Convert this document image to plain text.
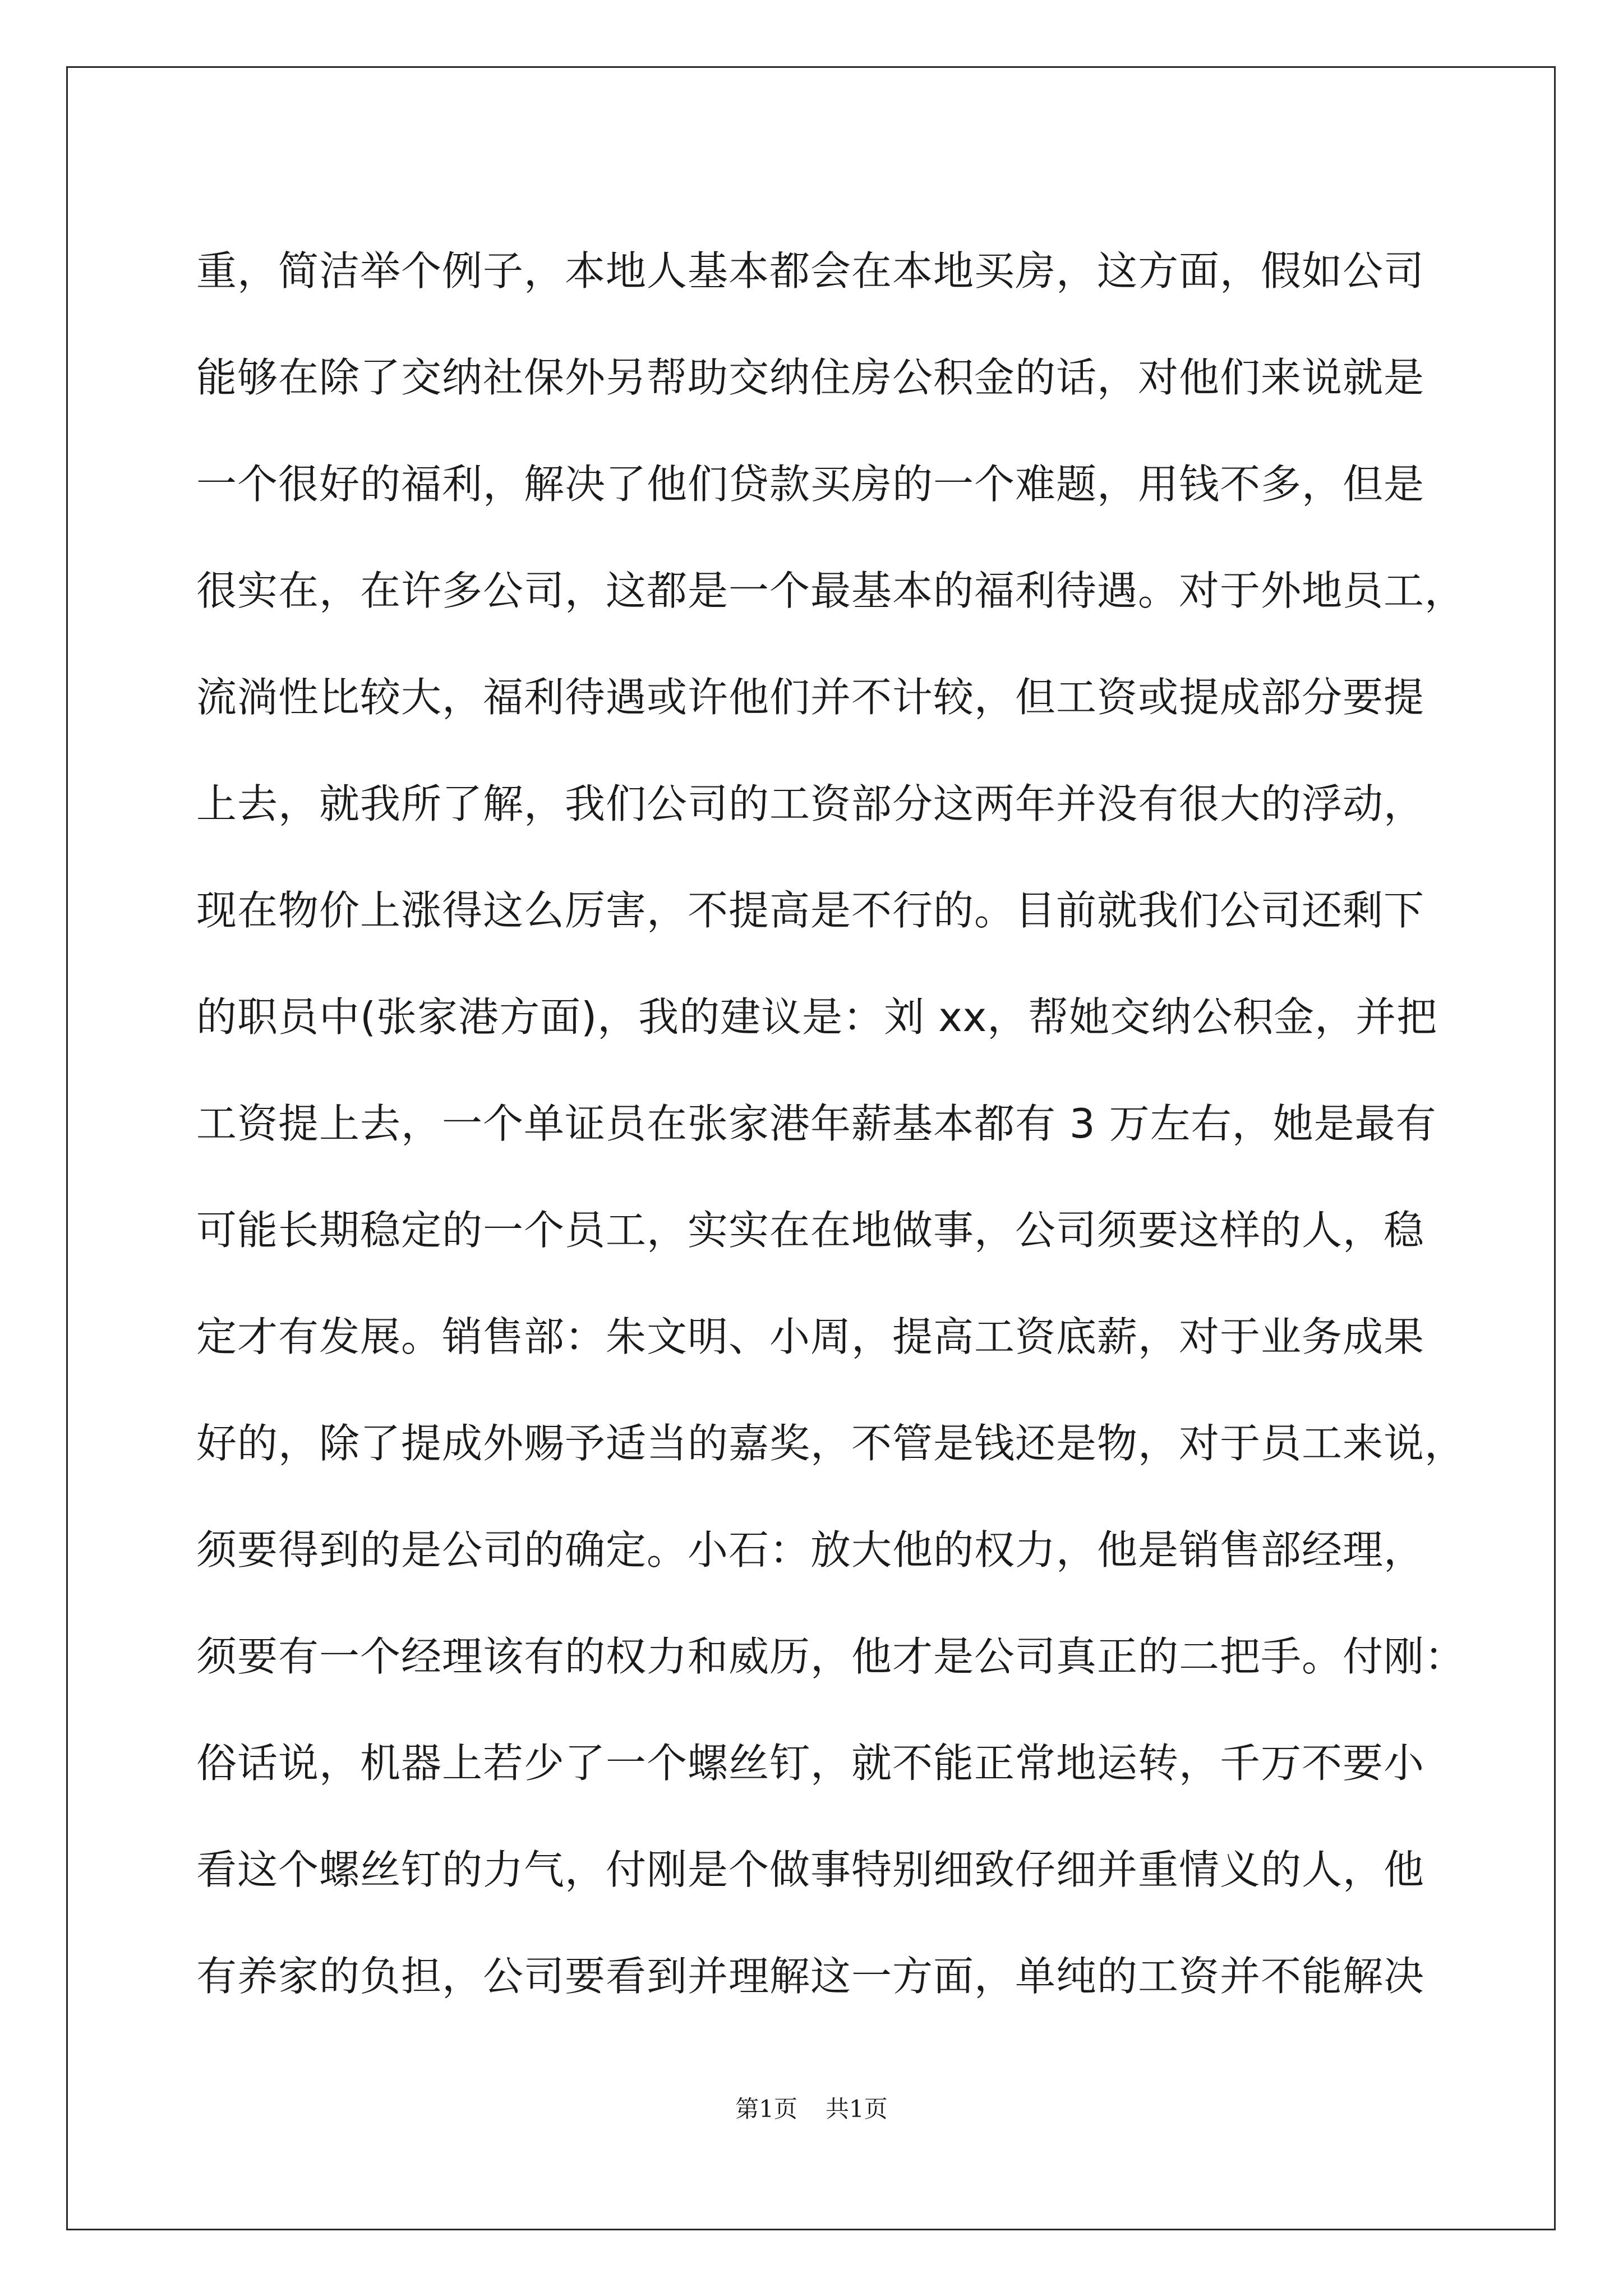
重，简洁举个例子，本地人基本都会在本地买房，这方面，假如公司
能够在除了交纳社保外另帮助交纳住房公积金的话，对他们来说就是
一个很好的福利，解决了他们贷款买房的一个难题，用钱不多，但是
很实在，在许多公司，这都是一个最基本的福利待遇。对于外地员工，
流淌性比较大，福利待遇或许他们并不计较，但工资或提成部分要提
上去，就我所了解，我们公司的工资部分这两年并没有很大的浮动，
现在物价上涨得这么厉害，不提高是不行的。目前就我们公司还剩下
的职员中(张家港方面)，我的建议是：刘 xx，帮她交纳公积金，并把
工资提上去，一个单证员在张家港年薪基本都有 3 万左右，她是最有
可能长期稳定的一个员工，实实在在地做事，公司须要这样的人，稳
定才有发展。销售部：朱文明、小周，提高工资底薪，对于业务成果
好的，除了提成外赐予适当的嘉奖，不管是钱还是物，对于员工来说，
须要得到的是公司的确定。小石：放大他的权力，他是销售部经理，
须要有一个经理该有的权力和威历，他才是公司真正的二把手。付刚：
俗话说，机器上若少了一个螺丝钉，就不能正常地运转，千万不要小
看这个螺丝钉的力气，付刚是个做事特别细致仔细并重情义的人，他
有养家的负担，公司要看到并理解这一方面，单纯的工资并不能解决
第1页 共1页
